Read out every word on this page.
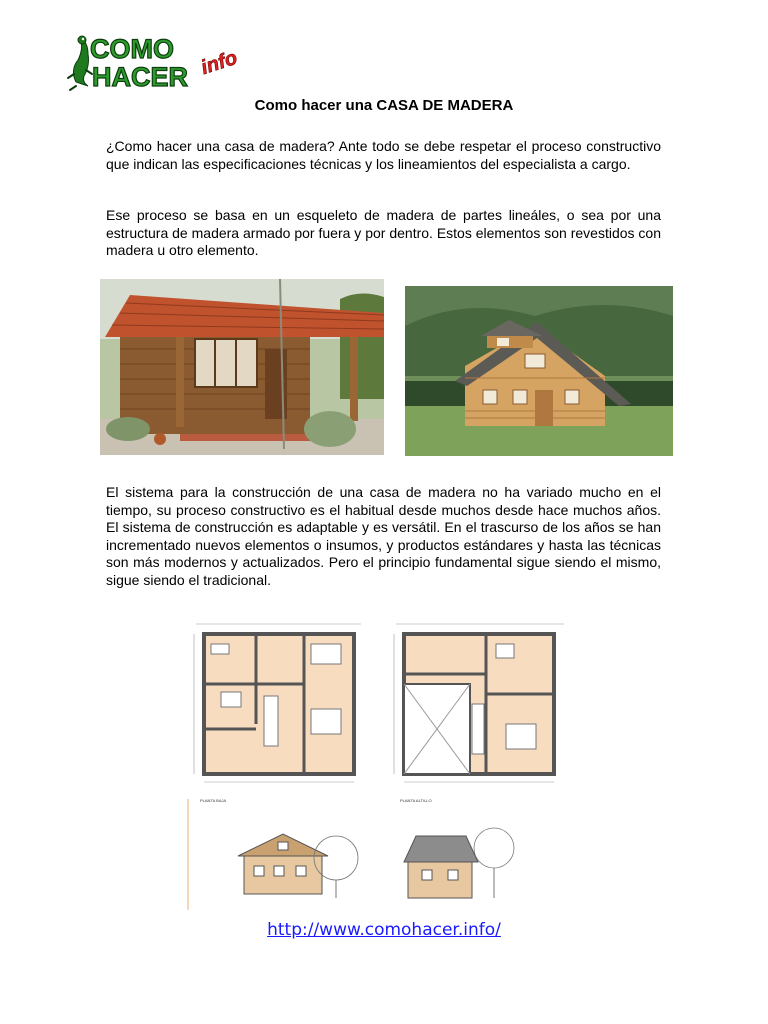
COMO
HACER info
Como hacer una CASA DE MADERA

¿Como hacer una casa de madera? Ante todo se debe respetar el proceso constructivo que indican las especificaciones técnicas y los lineamientos del especialista a cargo.

Ese proceso se basa en un esqueleto de madera de partes lineáles, o sea por una estructura de madera armado por fuera y por dentro. Estos elementos son revestidos con madera u otro elemento.

El sistema para la construcción de una casa de madera no ha variado mucho en el tiempo, su proceso constructivo es el habitual desde muchos desde hace muchos años. El sistema de construcción es adaptable y es versátil. En el trascurso de los años se han incrementado nuevos elementos o insumos, y productos estándares y hasta las técnicas son más modernos y actualizados. Pero el principio fundamental sigue siendo el mismo, sigue siendo el tradicional.

PLANTA BAJA	PLANTA ALTILLO
http://www.comohacer.info/
